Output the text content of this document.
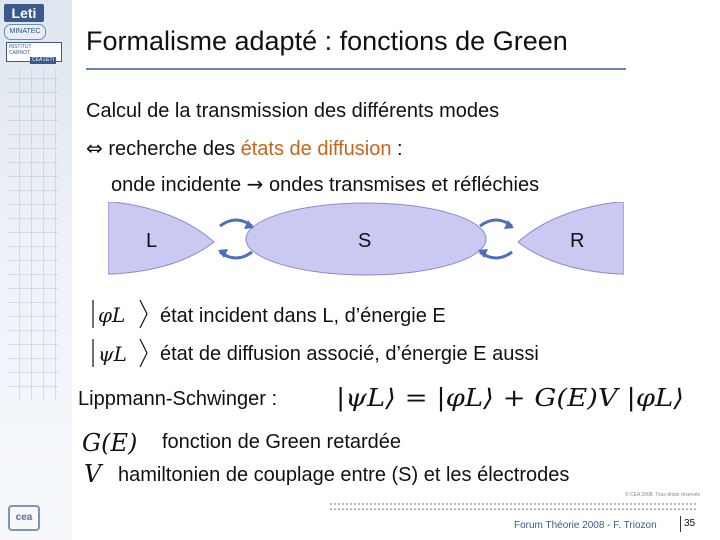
Leti
MINATEC
INSTITUT
CARNOT
CEA LETI
cea
Formalisme adapté : fonctions de Green
Calcul de la transmission des différents modes
⇔ recherche des états de diffusion :
onde incidente → ondes transmises et réfléchies
L	S	R
φL état incident dans L, d’énergie E
ψL état de diffusion associé, d’énergie E aussi
Lippmann-Schwinger : |ψL⟩ = |φL⟩ + G(E)V |φL⟩
G(E) fonction de Green retardée
V hamiltonien de couplage entre (S) et les électrodes
© CEA 2008. Tous droits réservés
Forum Théorie 2008 - F. Triozon	35
